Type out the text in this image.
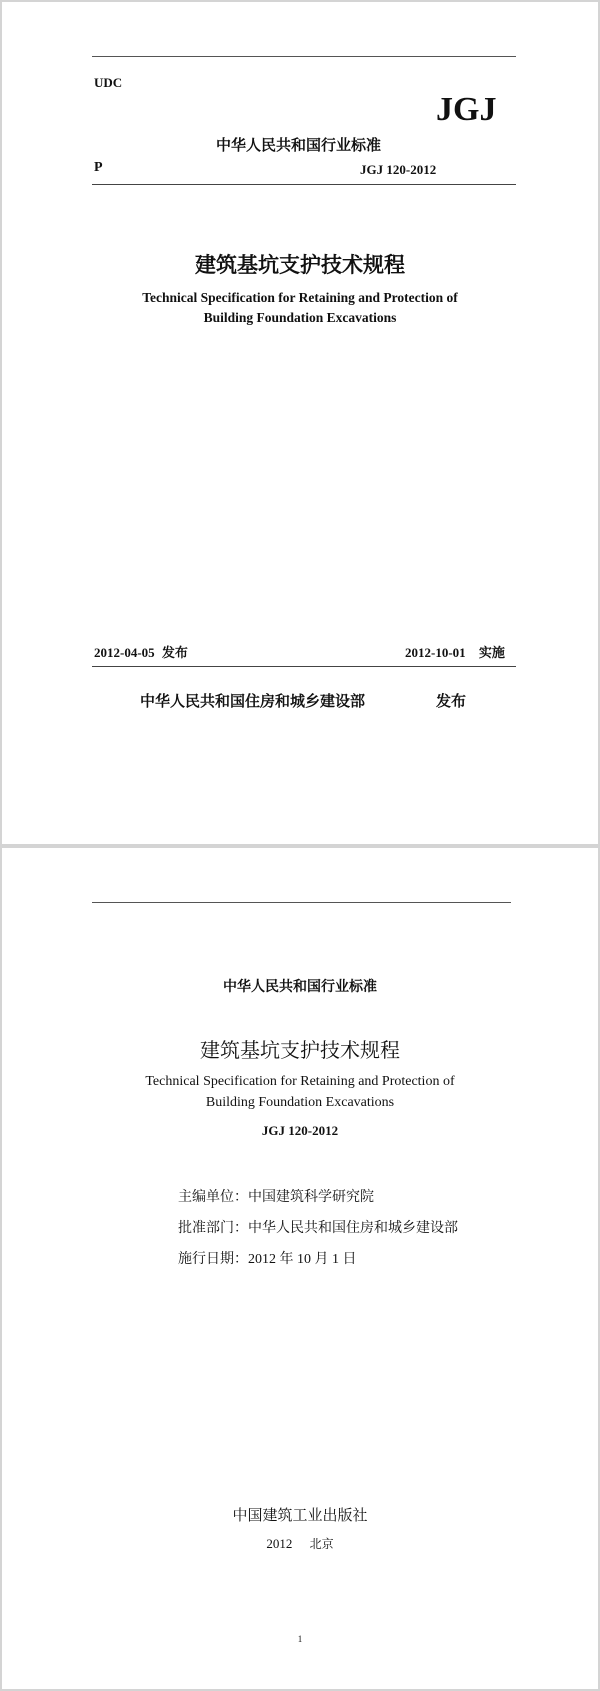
UDC
JGJ
中华人民共和国行业标准
P	JGJ 120-2012
建筑基坑支护技术规程
Technical Specification for Retaining and Protection of
Building Foundation Excavations
2012-04-05 发布	2012-10-01 实施
中华人民共和国住房和城乡建设部	发布
中华人民共和国行业标准
建筑基坑支护技术规程
Technical Specification for Retaining and Protection of
Building Foundation Excavations
JGJ 120-2012
主编单位：中国建筑科学研究院
批准部门：中华人民共和国住房和城乡建设部
施行日期：2012 年 10 月 1 日
中国建筑工业出版社
2012 北京
1
